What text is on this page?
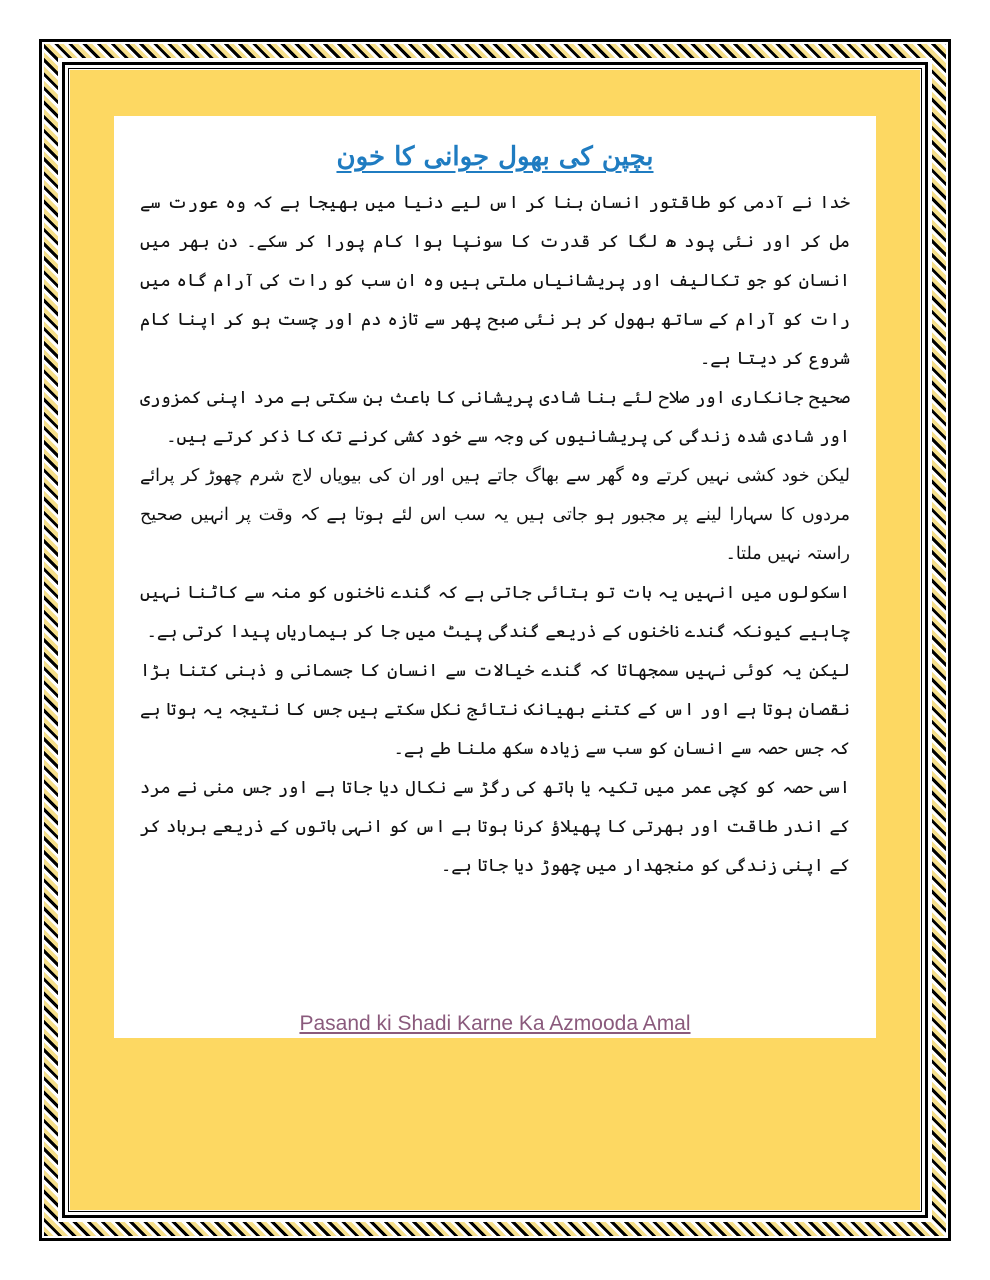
بچپن کی بھول جوانی کا خون

خدا نے آدمی کو طاقتور انسان بنا کر اس لیے دنیا میں بھیجا ہے کہ وہ عورت سے مل کر اور نئی پود ھ لگا کر قدرت کا سونپا ہوا کام پورا کر سکے۔ دن بھر میں انسان کو جو تکالیف اور پریشانیاں ملتی ہیں وہ ان سب کو رات کی آرام گاہ میں رات کو آرام کے ساتھ بھول کر ہر نئی صبح پھر سے تازہ دم اور چست ہو کر اپنا کام شروع کر دیتا ہے۔

صحیح جانکاری اور صلاح لئے بنا شادی پریشانی کا باعث بن سکتی ہے مرد اپنی کمزوری اور شادی شدہ زندگی کی پریشانیوں کی وجہ سے خود کشی کرنے تک کا ذکر کرتے ہیں۔

لیکن خود کشی نہیں کرتے وہ گھر سے بھاگ جاتے ہیں اور ان کی بیویاں لاج شرم چھوڑ کر پرائے مردوں کا سہارا لینے پر مجبور ہو جاتی ہیں یہ سب اس لئے ہوتا ہے کہ وقت پر انہیں صحیح راستہ نہیں ملتا۔

اسکولوں میں انہیں یہ بات تو بتائی جاتی ہے کہ گندے ناخنوں کو منہ سے کاٹنا نہیں چاہیے کیونکہ گندے ناخنوں کے ذریعے گندگی پیٹ میں جا کر بیماریاں پیدا کرتی ہے۔

لیکن یہ کوئی نہیں سمجھاتا کہ گندے خیالات سے انسان کا جسمانی و ذہنی کتنا بڑا نقصان ہوتا ہے اور اس کے کتنے بھیانک نتائج نکل سکتے ہیں جس کا نتیجہ یہ ہوتا ہے کہ جس حصہ سے انسان کو سب سے زیادہ سکھ ملنا طے ہے۔

اسی حصہ کو کچی عمر میں تکیہ یا ہاتھ کی رگڑ سے نکال دیا جاتا ہے اور جس منی نے مرد کے اندر طاقت اور بھرتی کا پھیلاؤ کرنا ہوتا ہے اس کو انہی باتوں کے ذریعے برباد کر کے اپنی زندگی کو منجھدار میں چھوڑ دیا جاتا ہے۔

Pasand ki Shadi Karne Ka Azmooda Amal
